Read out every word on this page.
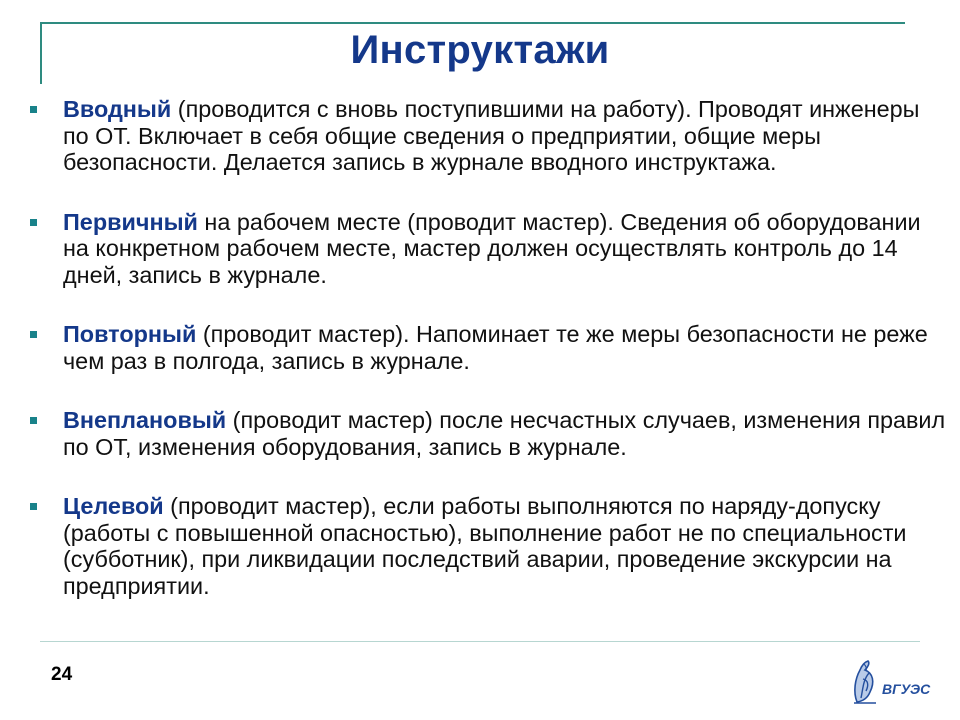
Инструктажи
Вводный (проводится с вновь поступившими на работу). Проводят инженеры по ОТ. Включает в себя общие сведения о предприятии, общие меры безопасности. Делается запись в журнале вводного инструктажа.
Первичный на рабочем месте (проводит мастер). Сведения об оборудовании на конкретном рабочем месте, мастер должен осуществлять контроль до 14 дней, запись в журнале.
Повторный (проводит мастер). Напоминает те же меры безопасности не реже чем раз в полгода, запись в журнале.
Внеплановый (проводит мастер) после несчастных случаев, изменения правил по ОТ, изменения оборудования, запись в журнале.
Целевой (проводит мастер), если работы выполняются по наряду-допуску (работы с повышенной опасностью), выполнение работ не по специальности (субботник), при ликвидации последствий аварии, проведение экскурсии на предприятии.
24
ВГУЭС
